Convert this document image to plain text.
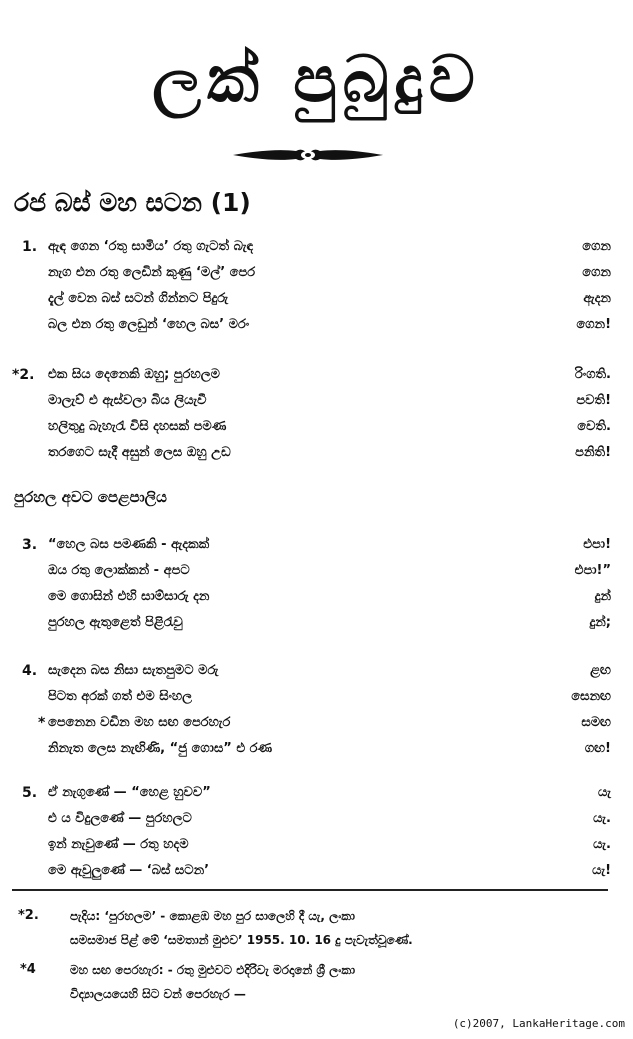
ලක් පුබුදුව
රජ බස් මහ සටන (1)
1. ඇඳ ගෙන ‘රතු සාමිය’ රතු ගැටත් බැඳ	ගෙන
නැග එන රතු ලෙඩින් කුණු ‘මල්’ පෙර	ගෙන
දැල් වෙන බස් සටන් ගින්නට පිදුරු	ඇදන
බල එන රතු ලෙඩුන් ‘හෙල බස’ මරං	ගෙන!
*2. එක සිය දෙනෙකි ඔහු; පුරහලම	රිංගති.
මාලැව් එ ඇස්වලා බිය ලියැවී	පවති!
හලිතුදු බැහැරැ විසි දහසක් පමණ	වෙති.
තරගෙට සැදී අසුන් ලෙස ඔහු උඩ	පනිති!
පුරහල අවට පෙළපාලිය
3. “හෙල බස පමණකි - ඇදකක්	එපා!
ඔය රතු ලොක්කන් - අපට	එපා!”
මෙ ගොසින් එහි සාම්සාරු දන	දුන්
පුරහල ඇතුළෙත් පිළිරැවු	දුන්;
4. සැදෙන බස නිසා සැතපුමට මරු	ළඟ
පිටත අරක් ගත් එම සිංහල	සෙනඟ
* පෙනෙන වඩින මහ සඟ පෙරහැර	සමඟ
නිනැත ලෙස නැඟිණි, “ජු ගොස” එ රණ	ගඟ!
5. ඒ නැගුණේ — “හෙළ හුවව”	යැ
එ ය විදුලණේ — පුරහලට	යැ.
ඉන් නැවුණේ — රතු හදම	යැ.
මෙ ඇවුලුණේ — ‘බස් සටන’	යැ!
*2.	පැදිය: ‘පුරහලම’ - කොළඹ මහ පුර සාලෙහි දී යැ, ලංකා
සමසමාජ පිළ් මේ ‘සමතාන් මුළුව’ 1955. 10. 16 දු පැවැත්වූණේ.
*4	මහ සඟ පෙරහැර: - රතු මුළුවට එදිරිවැ මරදානේ ශ්‍රී ලංකා
විද්‍යාලයයෙහි සිට වන් පෙරහැර —
(c)2007, LankaHeritage.com
